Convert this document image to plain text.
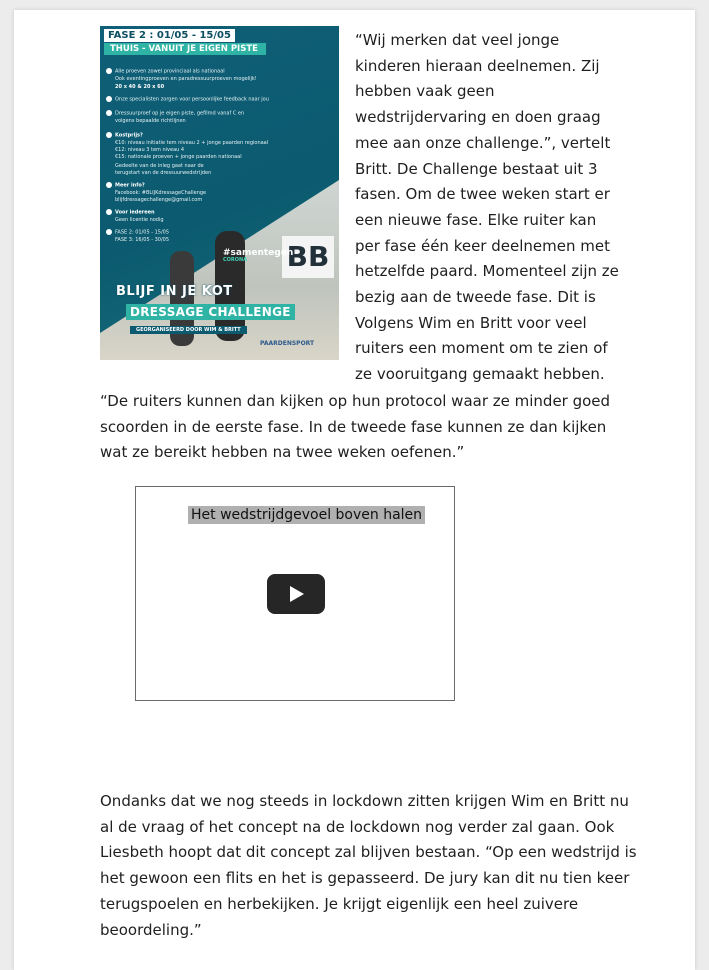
BB
FASE 2 : 01/05 - 15/05
THUIS - VANUIT JE EIGEN PISTE
Alle proeven zowel provinciaal als nationaal
Ook eventingproeven en paradressuurproeven mogelijk!
20 x 40 & 20 x 60
Onze specialisten zorgen voor persoonlijke feedback naar jou
Dressuurproef op je eigen piste, gefilmd vanaf C en
volgens bepaalde richtlijnen
Kostprijs?
€10: niveau initiatie tem niveau 2 + jonge paarden regionaal
€12: niveau 3 tem niveau 4
€15: nationale proeven + jonge paarden nationaal
Gedeelte van de inleg gaat naar de
terugstart van de dressuurwedstrijden
Meer info?
Facebook: #BLIJKdressageChallenge
blijfdressagechallenge@gmail.com
Voor iedereen
Geen licentie nodig
FASE 2: 01/05 - 15/05
FASE 3: 16/05 - 30/05
#samentegen
CORONA
BLIJF IN JE KOT
DRESSAGE CHALLENGE
GEORGANISEERD DOOR WIM & BRITT
PAARDENSPORT
“Wij merken dat veel jonge
kinderen hieraan deelnemen. Zij
hebben vaak geen
wedstrijdervaring en doen graag
mee aan onze challenge.”, vertelt
Britt. De Challenge bestaat uit 3
fasen. Om de twee weken start er
een nieuwe fase. Elke ruiter kan
per fase één keer deelnemen met
hetzelfde paard. Momenteel zijn ze
bezig aan de tweede fase. Dit is
Volgens Wim en Britt voor veel
ruiters een moment om te zien of
ze vooruitgang gemaakt hebben.
“De ruiters kunnen dan kijken op hun protocol waar ze minder goed
scoorden in de eerste fase. In de tweede fase kunnen ze dan kijken
wat ze bereikt hebben na twee weken oefenen.”
Het wedstrijdgevoel boven halen
Ondanks dat we nog steeds in lockdown zitten krijgen Wim en Britt nu
al de vraag of het concept na de lockdown nog verder zal gaan. Ook
Liesbeth hoopt dat dit concept zal blijven bestaan. “Op een wedstrijd is
het gewoon een flits en het is gepasseerd. De jury kan dit nu tien keer
terugspoelen en herbekijken. Je krijgt eigenlijk een heel zuivere
beoordeling.”
